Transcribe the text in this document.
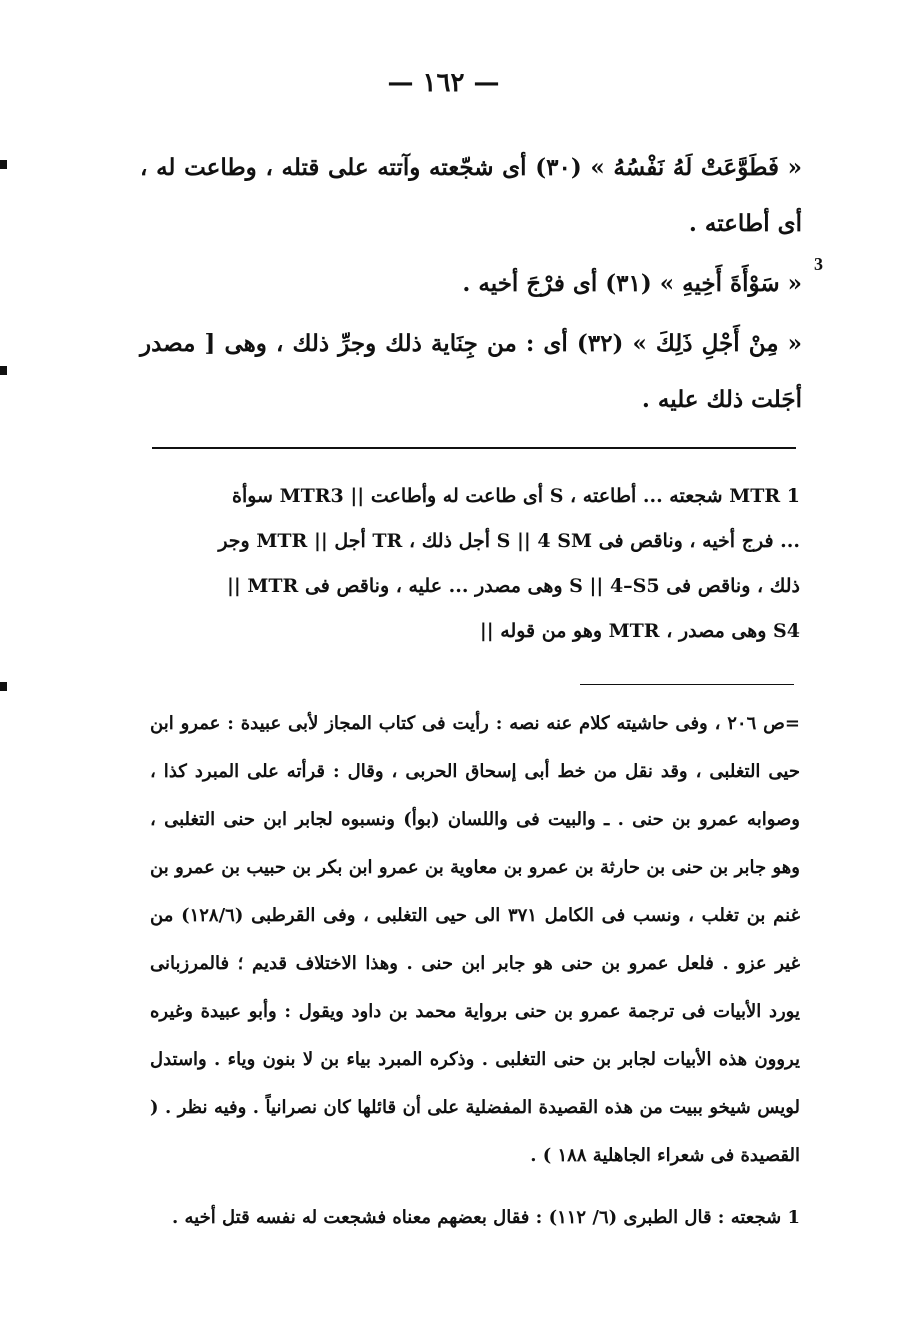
— ١٦٢ —

« فَطَوَّعَتْ لَهُ نَفْسُهُ » (٣٠) أى شجّعته وآتته على قتله ، وطاعت له ، أى أطاعته .

« سَوْأَةَ أَخِيهِ » (٣١) أى فرْجَ أخيه .

« مِنْ أَجْلِ ذَلِكَ » (٣٢) أى : من جِنَاية ذلك وجرِّ ذلك ، وهى [ مصدر أجَلت ذلك عليه .

3

MTR 1 شجعته ... أطاعته ، S أى طاعت له وأطاعت || MTR3 سوأة

... فرج أخيه ، وناقص فى S || 4 SM أجل ذلك ، TR أجل || MTR وجر

ذلك ، وناقص فى S || 4–S5 وهى مصدر ... عليه ، وناقص فى MTR ||

S4 وهى مصدر ، MTR وهو من قوله ||

=ص ٢٠٦ ، وفى حاشيته كلام عنه نصه : رأيت فى كتاب المجاز لأبى عبيدة : عمرو ابن حيى التغلبى ، وقد نقل من خط أبى إسحاق الحربى ، وقال : قرأته على المبرد كذا ، وصوابه عمرو بن حنى . ـ والبيت فى واللسان (بوأ) ونسبوه لجابر ابن حنى التغلبى ، وهو جابر بن حنى بن حارثة بن عمرو بن معاوية بن عمرو ابن بكر بن حبيب بن عمرو بن غنم بن تغلب ، ونسب فى الكامل ٣٧١ الى حيى التغلبى ، وفى القرطبى (١٢٨/٦) من غير عزو . فلعل عمرو بن حنى هو جابر ابن حنى . وهذا الاختلاف قديم ؛ فالمرزبانى يورد الأبيات فى ترجمة عمرو بن حنى برواية محمد بن داود ويقول : وأبو عبيدة وغيره يروون هذه الأبيات لجابر بن حنى التغلبى . وذكره المبرد بياء بن لا بنون وياء . واستدل لويس شيخو ببيت من هذه القصيدة المفضلية على أن قائلها كان نصرانياً . وفيه نظر . ( القصيدة فى شعراء الجاهلية ١٨٨ ) .

1 شجعته : قال الطبرى (٦/ ١١٢) : فقال بعضهم معناه فشجعت له نفسه قتل أخيه .
